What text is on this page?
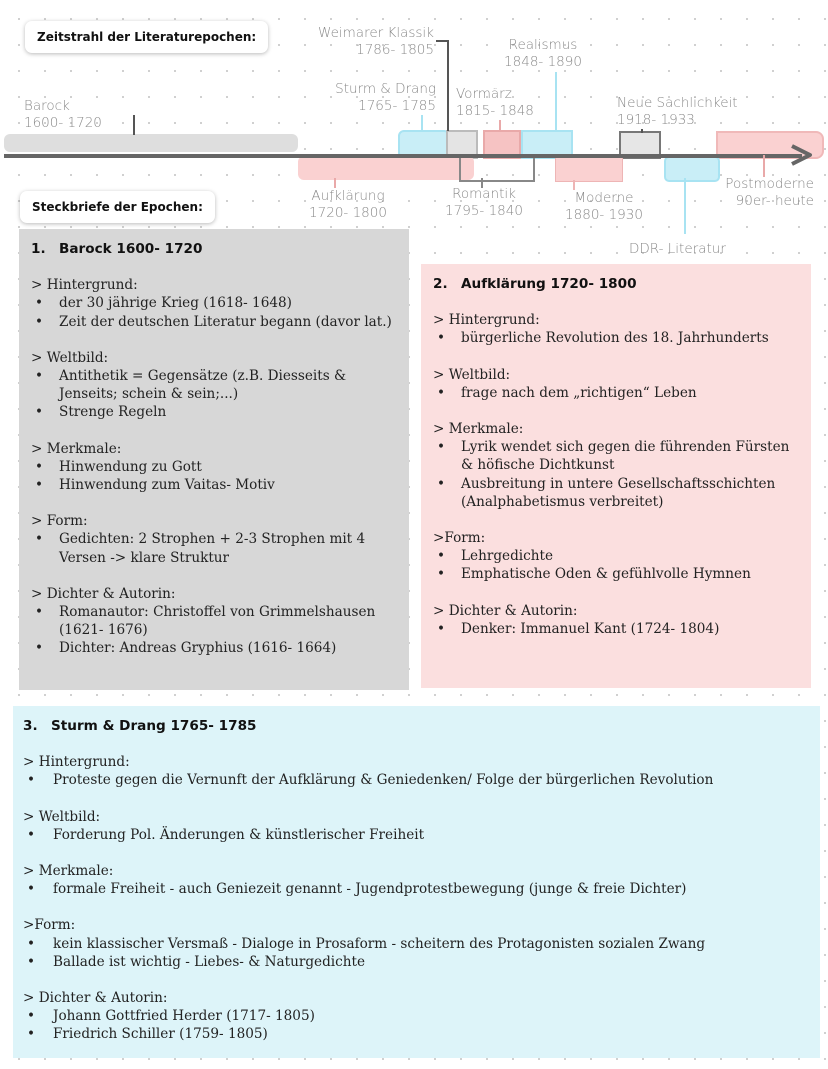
Zeitstrahl der Literaturepochen:
Steckbriefe der Epochen:
Barock
1600- 1720
Aufklärung
1720- 1800
Sturm & Drang
1765- 1785
Weimarer Klassik
1786- 1805
Romantik
1795- 1840
Vormärz
1815- 1848
Realismus
1848- 1890
Moderne
1880- 1930
Neue Sachlichkeit
1918- 1933
DDR- Literatur
Postmoderne
90er- heute
1. Barock 1600- 1720

> Hintergrund:

• der 30 jährige Krieg (1618- 1648)
• Zeit der deutschen Literatur begann (davor lat.)

> Weltbild:

• Antithetik = Gegensätze (z.B. Diesseits & Jenseits; schein & sein;...)
• Strenge Regeln

> Merkmale:

• Hinwendung zu Gott
• Hinwendung zum Vaitas- Motiv

> Form:

• Gedichten: 2 Strophen + 2-3 Strophen mit 4 Versen -> klare Struktur

> Dichter & Autorin:

• Romanautor: Christoffel von Grimmelshausen (1621- 1676)
• Dichter: Andreas Gryphius (1616- 1664)
2. Aufklärung 1720- 1800

> Hintergrund:

• bürgerliche Revolution des 18. Jahrhunderts

> Weltbild:

• frage nach dem „richtigen“ Leben

> Merkmale:

• Lyrik wendet sich gegen die führenden Fürsten & höfische Dichtkunst
• Ausbreitung in untere Gesellschaftsschichten (Analphabetismus verbreitet)

>Form:

• Lehrgedichte
• Emphatische Oden & gefühlvolle Hymnen

> Dichter & Autorin:

• Denker: Immanuel Kant (1724- 1804)
3. Sturm & Drang 1765- 1785

> Hintergrund:

• Proteste gegen die Vernunft der Aufklärung & Geniedenken/ Folge der bürgerlichen Revolution

> Weltbild:

• Forderung Pol. Änderungen & künstlerischer Freiheit

> Merkmale:

• formale Freiheit - auch Geniezeit genannt - Jugendprotestbewegung (junge & freie Dichter)

>Form:

• kein klassischer Versmaß - Dialoge in Prosaform - scheitern des Protagonisten sozialen Zwang
• Ballade ist wichtig - Liebes- & Naturgedichte

> Dichter & Autorin:

• Johann Gottfried Herder (1717- 1805)
• Friedrich Schiller (1759- 1805)
